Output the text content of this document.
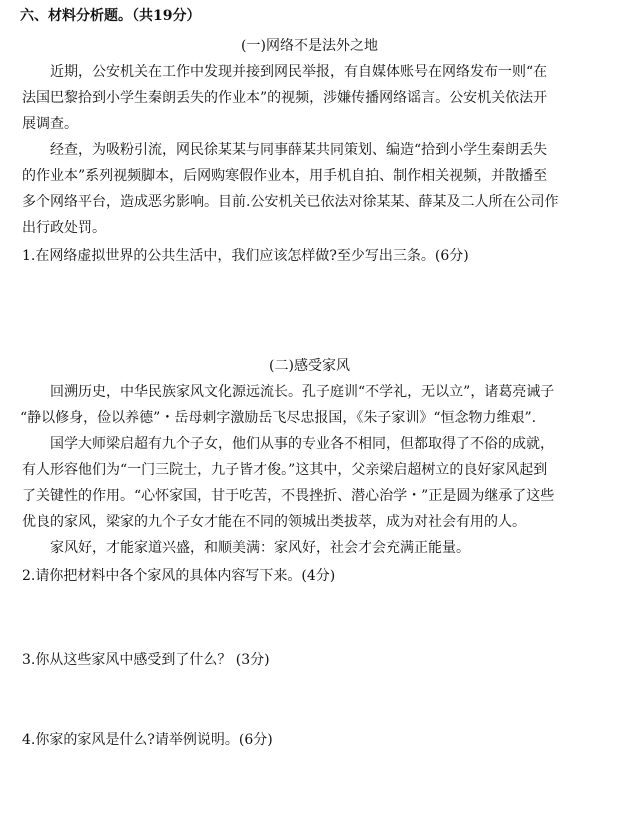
六、材料分析题。（共19分）
(一)网络不是法外之地
近期，公安机关在工作中发现并接到网民举报，有自媒体账号在网络发布一则“在
法国巴黎拾到小学生秦朗丢失的作业本”的视频，涉嫌传播网络谣言。公安机关依法开
展调查。
经查，为吸粉引流，网民徐某某与同事薛某共同策划、编造“拾到小学生秦朗丢失
的作业本”系列视频脚本，后网购寒假作业本，用手机自拍、制作相关视频，并散播至
多个网络平台，造成恶劣影响。目前.公安机关已依法对徐某某、薛某及二人所在公司作
出行政处罚。
1.在网络虚拟世界的公共生活中，我们应该怎样做?至少写出三条。(6分)
(二)感受家风
回溯历史，中华民族家风文化源远流长。孔子庭训“不学礼，无以立”，诸葛亮诫子
“静以修身，俭以养德”・岳母刺字激励岳飞尽忠报国，《朱子家训》“恒念物力维艰”.
国学大师梁启超有九个子女，他们从事的专业各不相同，但都取得了不俗的成就，
有人形容他们为“一门三院士，九子皆才俊。”这其中，父亲梁启超树立的良好家风起到
了关键性的作用。“心怀家国，甘于吃苦，不畏挫折、潜心治学・”正是圆为继承了这些
优良的家风，梁家的九个子女才能在不同的领城出类拔萃，成为对社会有用的人。
家风好，才能家道兴盛，和顺美满：家风好，社会才会充满正能量。
2.请你把材料中各个家风的具体内容写下来。(4分)
3.你从这些家风中感受到了什么？ (3分)
4.你家的家风是什么?请举例说明。(6分)
